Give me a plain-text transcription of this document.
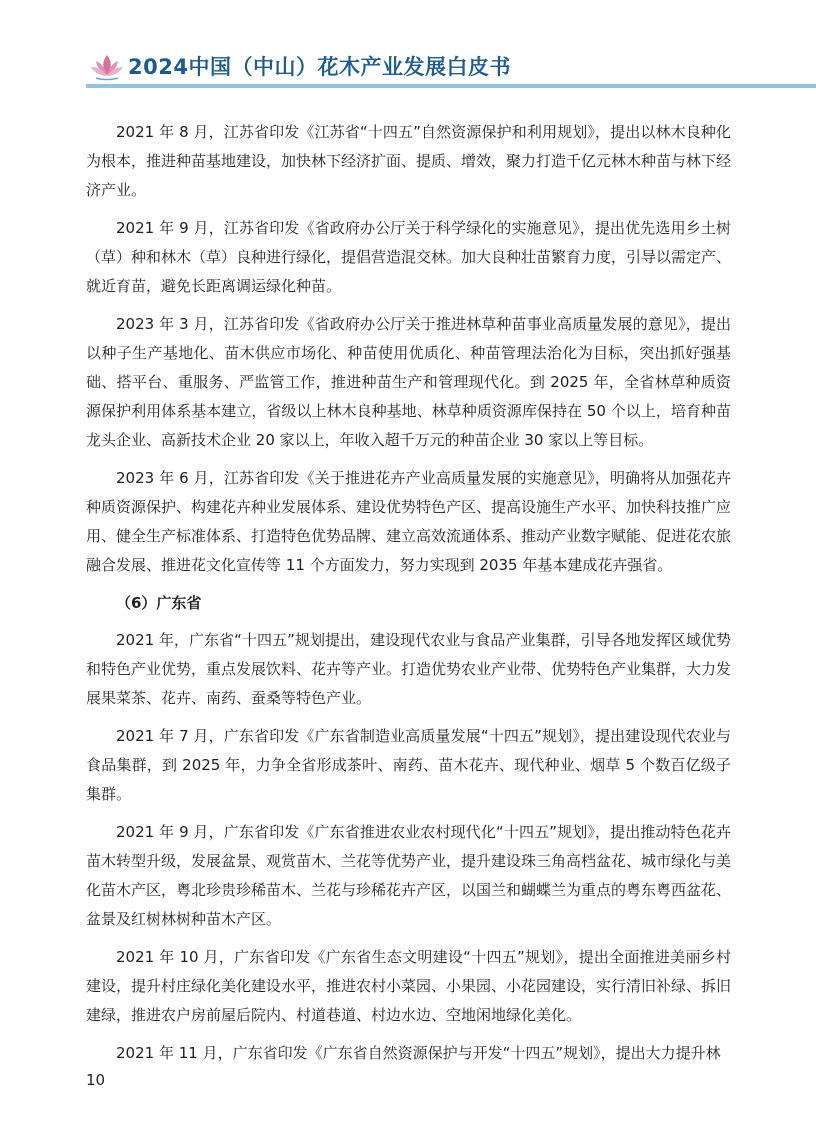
2024中国（中山）花木产业发展白皮书

2021 年 8 月，江苏省印发《江苏省“十四五”自然资源保护和利用规划》，提出以林木良种化为根本，推进种苗基地建设，加快林下经济扩面、提质、增效，聚力打造千亿元林木种苗与林下经济产业。

2021 年 9 月，江苏省印发《省政府办公厅关于科学绿化的实施意见》，提出优先选用乡土树（草）种和林木（草）良种进行绿化，提倡营造混交林。加大良种壮苗繁育力度，引导以需定产、就近育苗，避免长距离调运绿化种苗。

2023 年 3 月，江苏省印发《省政府办公厅关于推进林草种苗事业高质量发展的意见》，提出以种子生产基地化、苗木供应市场化、种苗使用优质化、种苗管理法治化为目标，突出抓好强基础、搭平台、重服务、严监管工作，推进种苗生产和管理现代化。到 2025 年，全省林草种质资源保护利用体系基本建立，省级以上林木良种基地、林草种质资源库保持在 50 个以上，培育种苗龙头企业、高新技术企业 20 家以上，年收入超千万元的种苗企业 30 家以上等目标。

2023 年 6 月，江苏省印发《关于推进花卉产业高质量发展的实施意见》，明确将从加强花卉种质资源保护、构建花卉种业发展体系、建设优势特色产区、提高设施生产水平、加快科技推广应用、健全生产标准体系、打造特色优势品牌、建立高效流通体系、推动产业数字赋能、促进花农旅融合发展、推进花文化宣传等 11 个方面发力，努力实现到 2035 年基本建成花卉强省。

（6）广东省

2021 年，广东省“十四五”规划提出，建设现代农业与食品产业集群，引导各地发挥区域优势和特色产业优势，重点发展饮料、花卉等产业。打造优势农业产业带、优势特色产业集群，大力发展果菜茶、花卉、南药、蚕桑等特色产业。

2021 年 7 月，广东省印发《广东省制造业高质量发展“十四五”规划》，提出建设现代农业与食品集群，到 2025 年，力争全省形成茶叶、南药、苗木花卉、现代种业、烟草 5 个数百亿级子集群。

2021 年 9 月，广东省印发《广东省推进农业农村现代化“十四五”规划》，提出推动特色花卉苗木转型升级，发展盆景、观赏苗木、兰花等优势产业，提升建设珠三角高档盆花、城市绿化与美化苗木产区，粤北珍贵珍稀苗木、兰花与珍稀花卉产区，以国兰和蝴蝶兰为重点的粤东粤西盆花、盆景及红树林树种苗木产区。

2021 年 10 月，广东省印发《广东省生态文明建设“十四五”规划》，提出全面推进美丽乡村建设，提升村庄绿化美化建设水平，推进农村小菜园、小果园、小花园建设，实行清旧补绿、拆旧建绿，推进农户房前屋后院内、村道巷道、村边水边、空地闲地绿化美化。

2021 年 11 月，广东省印发《广东省自然资源保护与开发“十四五”规划》，提出大力提升林

10
